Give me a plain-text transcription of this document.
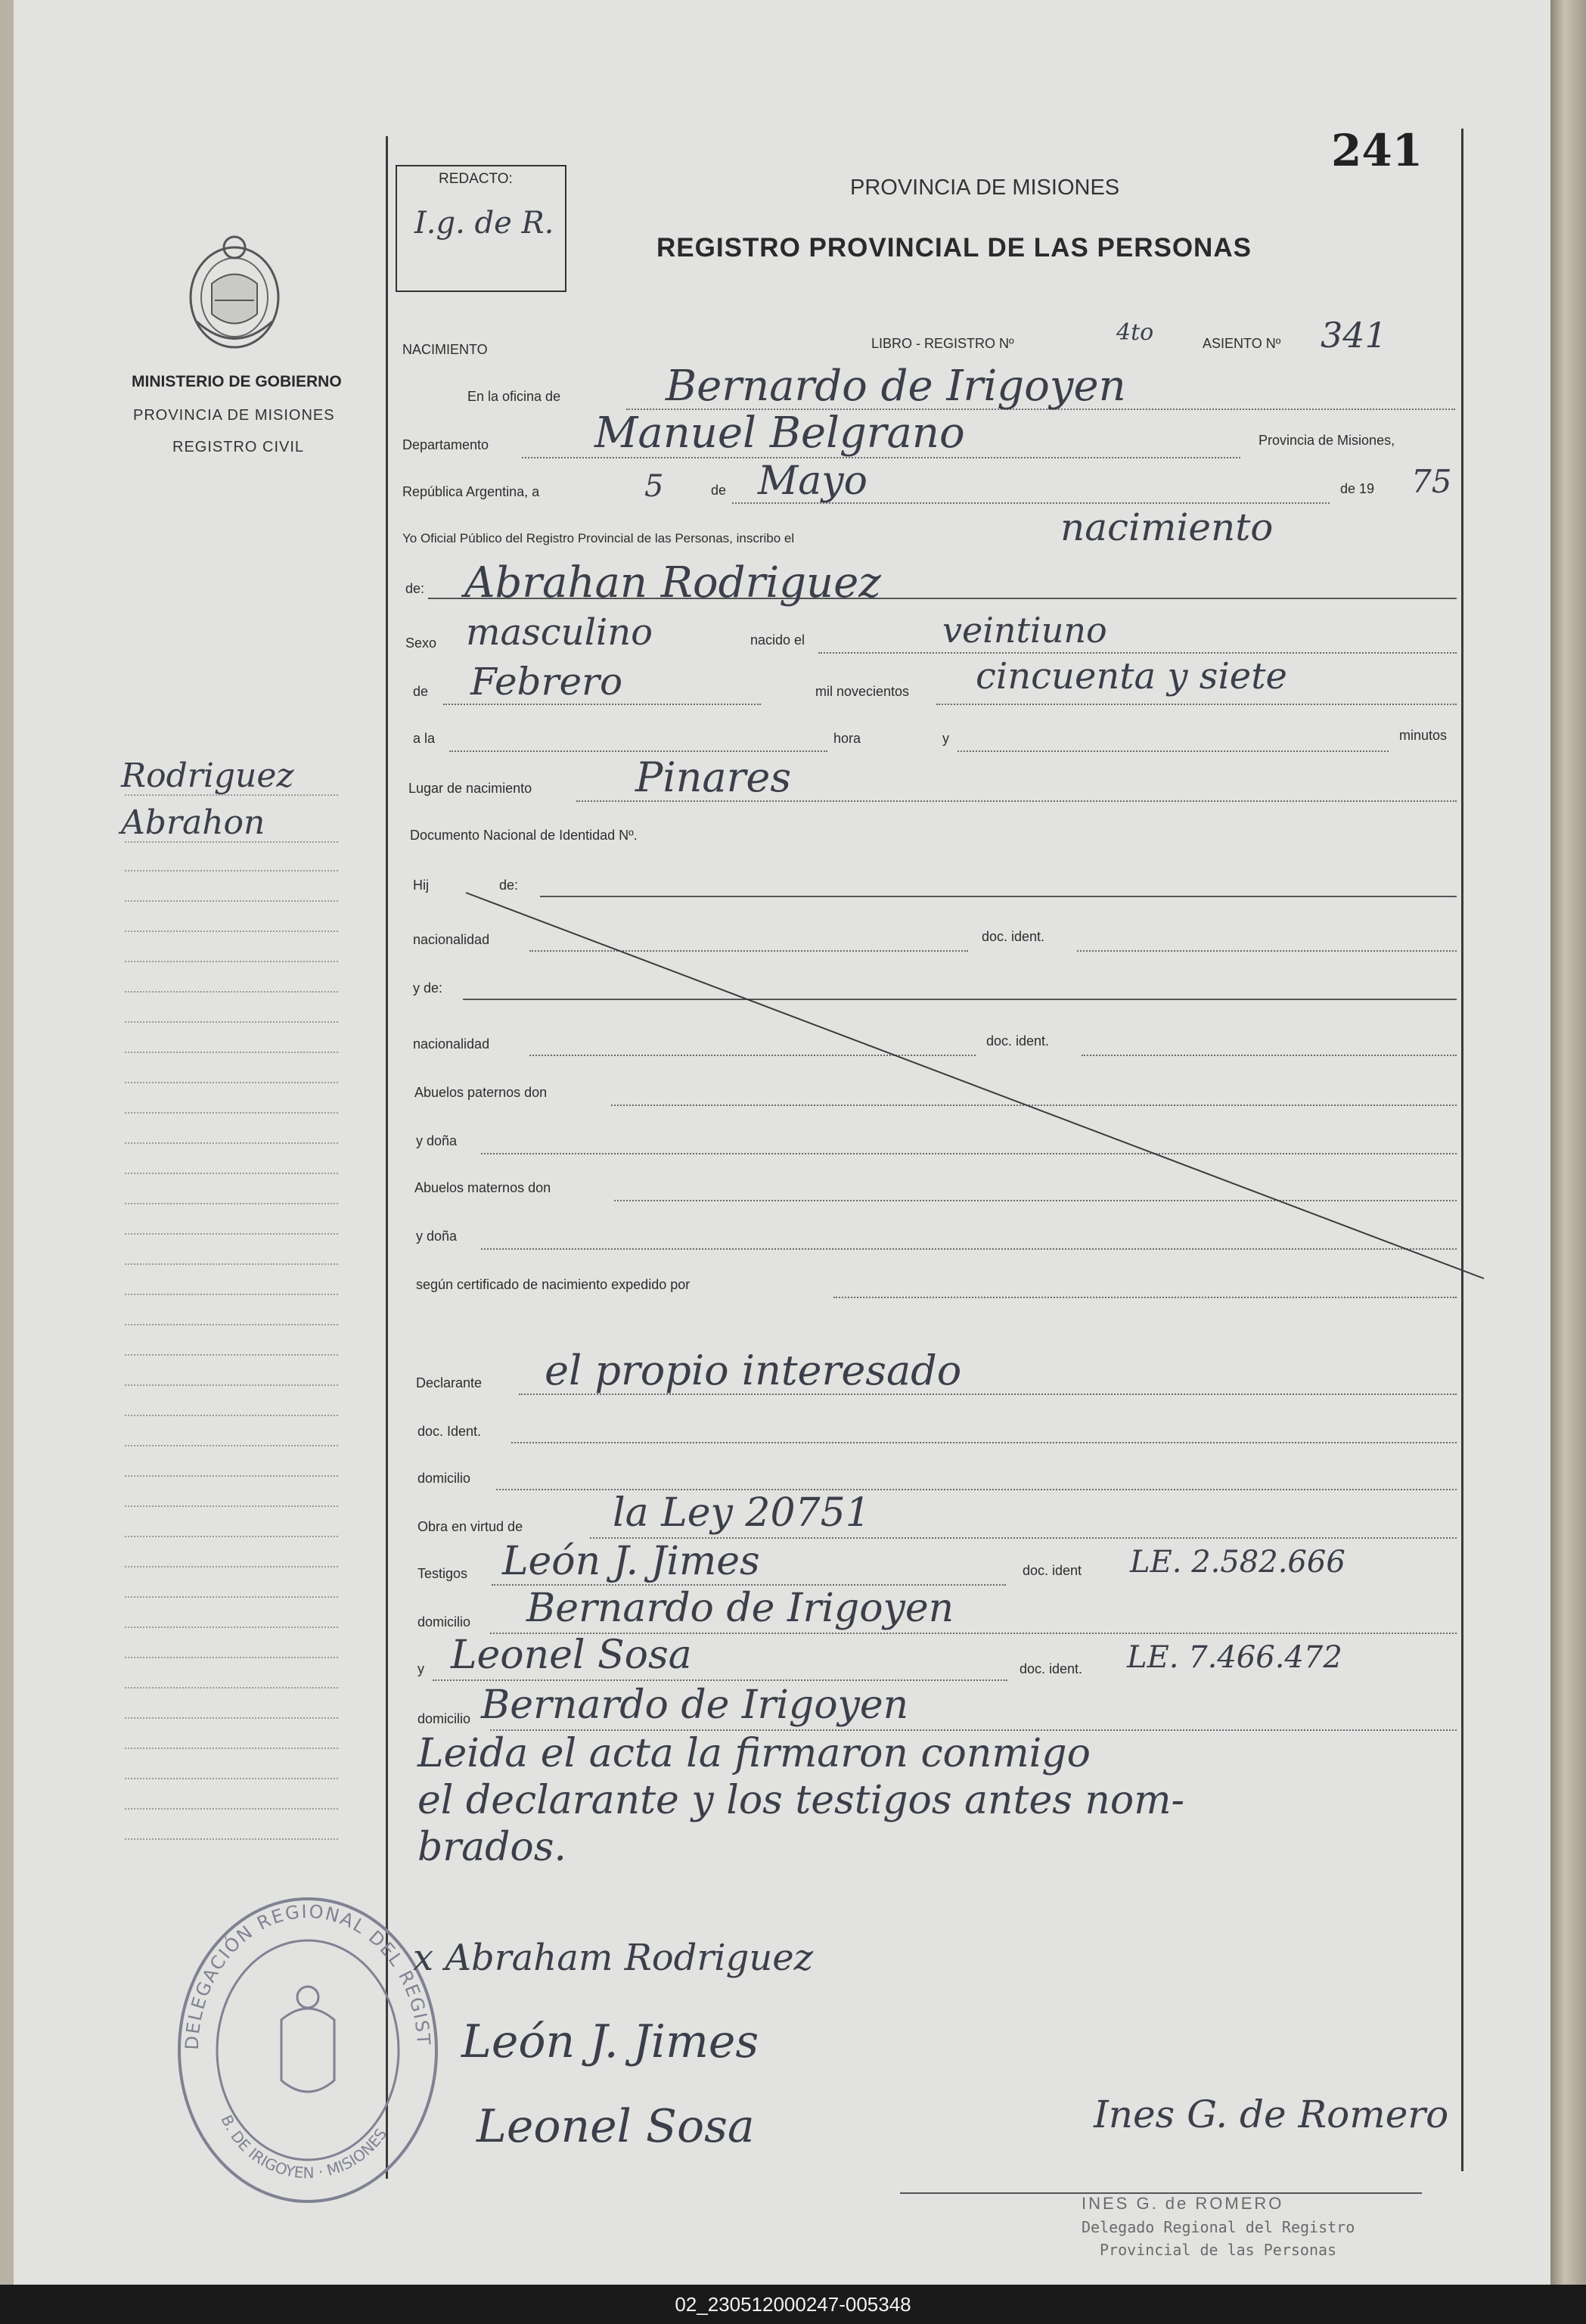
241
REDACTO:
I.g. de R.
PROVINCIA DE MISIONES
REGISTRO PROVINCIAL DE LAS PERSONAS
MINISTERIO DE GOBIERNO
PROVINCIA DE MISIONES
REGISTRO CIVIL
Rodriguez
Abrahon
NACIMIENTO	LIBRO - REGISTRO Nº	4to	ASIENTO Nº 341
En la oficina de Bernardo de Irigoyen
Departamento Manuel Belgrano	Provincia de Misiones,
República Argentina, a	5	de Mayo	de 19 75
Yo Oficial Público del Registro Provincial de las Personas, inscribo el	nacimiento
de: Abrahan Rodriguez
Sexo masculino	nacido el	veintiuno
de Febrero	mil novecientos cincuenta y siete
a la	hora	y	minutos
Lugar de nacimiento	Pinares
Documento Nacional de Identidad Nº.
Hij	de:
nacionalidad	doc. ident.
y de:
nacionalidad	doc. ident.
Abuelos paternos don
y doña
Abuelos maternos don
y doña
según certificado de nacimiento expedido por
Declarante el propio interesado
doc. Ident.
domicilio
Obra en virtud de la Ley 20751
Testigos León J. Jimes	doc. ident LE. 2.582.666
domicilio Bernardo de Irigoyen
y Leonel Sosa	doc. ident. LE. 7.466.472
domicilio Bernardo de Irigoyen
Leida el acta la firmaron conmigo
el declarante y los testigos antes nom-
brados.
DELEGACIÓN REGIONAL DEL REGIST
B. DE IRIGOYEN · MISIONES
x Abraham Rodriguez
León J. Jimes
Leonel Sosa	Ines G. de Romero
INES G. de ROMERO
Delegado Regional del Registro
Provincial de las Personas
02_230512000247-005348
